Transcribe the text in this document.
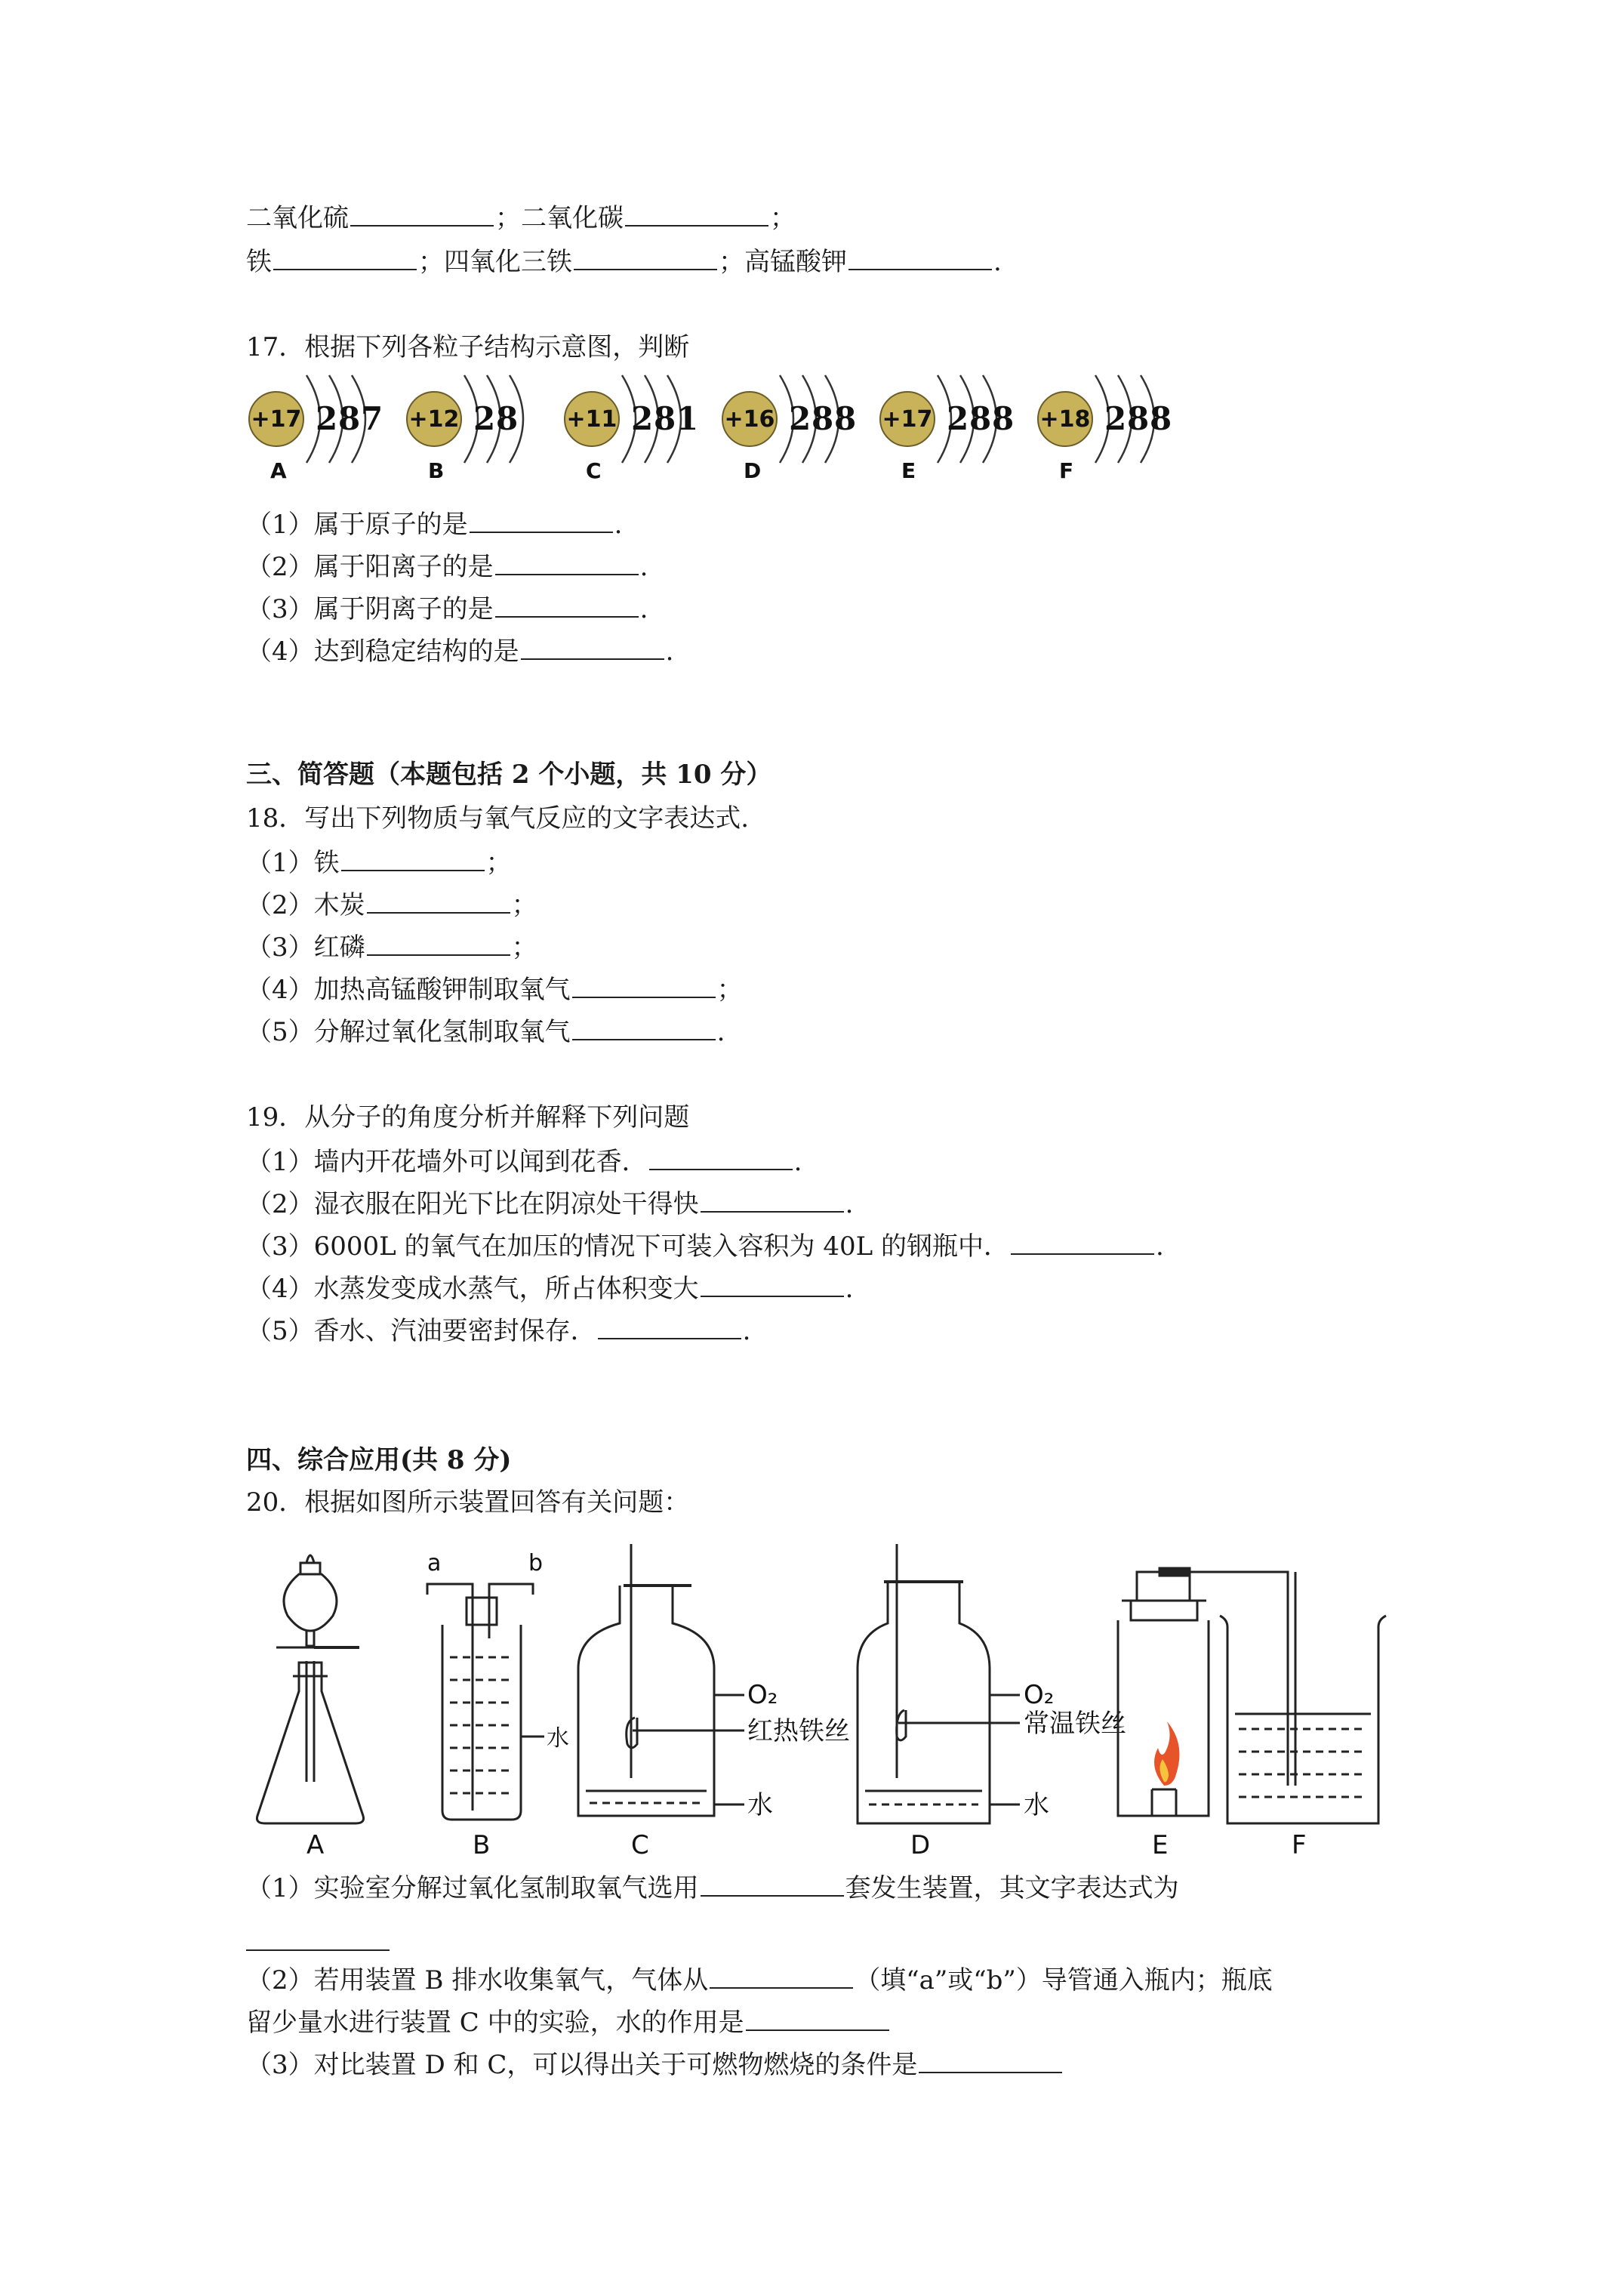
二氧化硫	；二氧化碳	；
铁	；四氧化三铁	；高锰酸钾	.
17．根据下列各粒子结构示意图，判断
+17 2 8 7
A
+12 2 8
B
+11 2 8 1
C
+16 2 8 8
D
+17 2 8 8
E
+18 2 8 8
F
（1）属于原子的是	.
（2）属于阳离子的是	.
（3）属于阴离子的是	.
（4）达到稳定结构的是	.
三、简答题（本题包括 2 个小题，共 10 分）
18．写出下列物质与氧气反应的文字表达式.
（1）铁	；
（2）木炭	；
（3）红磷	；
（4）加热高锰酸钾制取氧气	；
（5）分解过氧化氢制取氧气	.
19．从分子的角度分析并解释下列问题
（1）墙内开花墙外可以闻到花香．	.
（2）湿衣服在阳光下比在阴凉处干得快	.
（3）6000L 的氧气在加压的情况下可装入容积为 40L 的钢瓶中．	.
（4）水蒸发变成水蒸气，所占体积变大	.
（5）香水、汽油要密封保存．	.
四、综合应用(共 8 分)
20．根据如图所示装置回答有关问题：
a	b
水
O₂
红热铁丝
水
O₂
常温铁丝
水
A	B	C	D	E	F
（1）实验室分解过氧化氢制取氧气选用	套发生装置，其文字表达式为
（2）若用装置 B 排水收集氧气，气体从	（填“a”或“b”）导管通入瓶内；瓶底
留少量水进行装置 C 中的实验，水的作用是
（3）对比装置 D 和 C，可以得出关于可燃物燃烧的条件是
